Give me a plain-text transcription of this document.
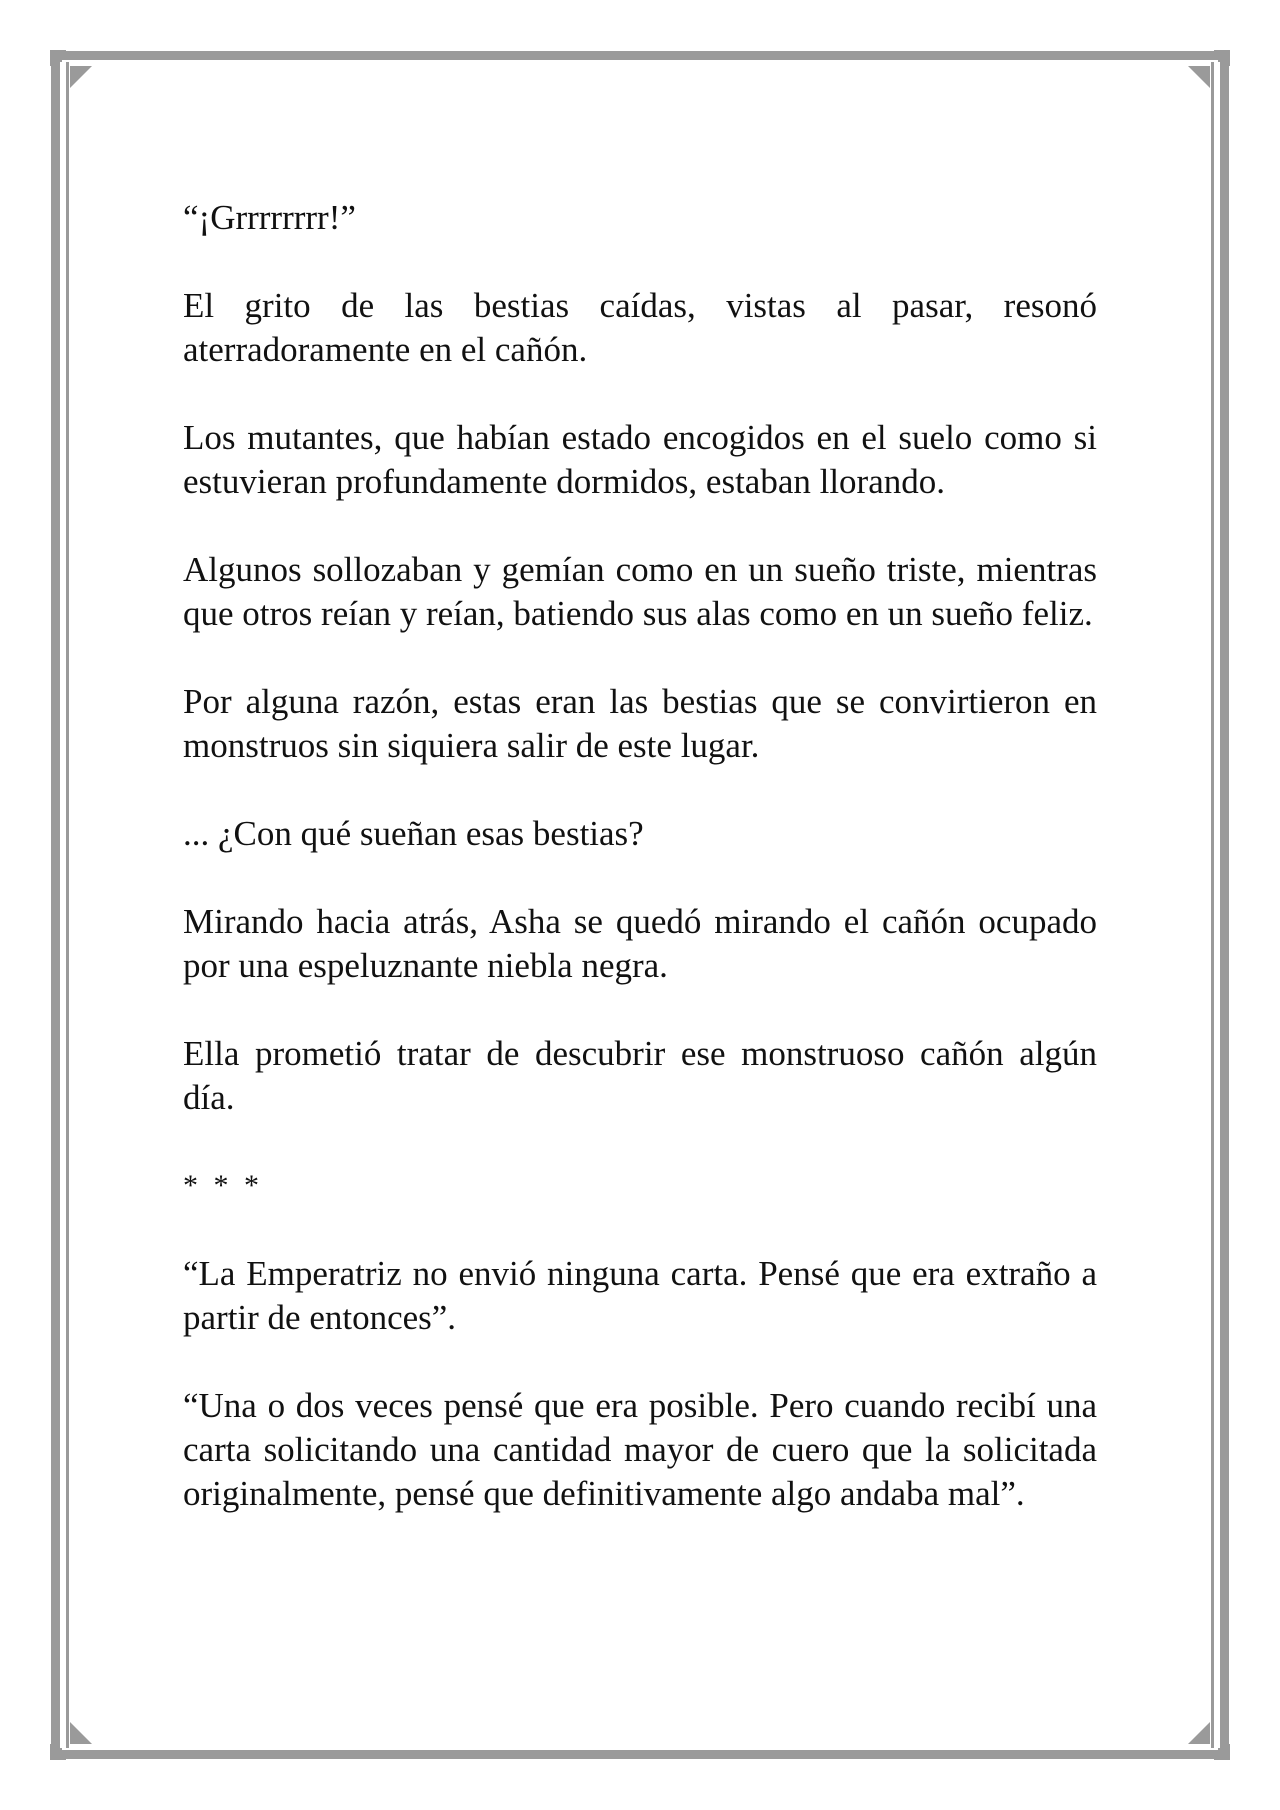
“¡Grrrrrrrr!”

El grito de las bestias caídas, vistas al pasar, resonó aterradoramente en el cañón.

Los mutantes, que habían estado encogidos en el suelo como si estuvieran profundamente dormidos, estaban llorando.

Algunos sollozaban y gemían como en un sueño triste, mientras que otros reían y reían, batiendo sus alas como en un sueño feliz.

Por alguna razón, estas eran las bestias que se convirtieron en monstruos sin siquiera salir de este lugar.

... ¿Con qué sueñan esas bestias?

Mirando hacia atrás, Asha se quedó mirando el cañón ocupado por una espeluznante niebla negra.

Ella prometió tratar de descubrir ese monstruoso cañón algún día.

* * *

“La Emperatriz no envió ninguna carta. Pensé que era extraño a partir de entonces”.

“Una o dos veces pensé que era posible. Pero cuando recibí una carta solicitando una cantidad mayor de cuero que la solicitada originalmente, pensé que definitivamente algo andaba mal”.
